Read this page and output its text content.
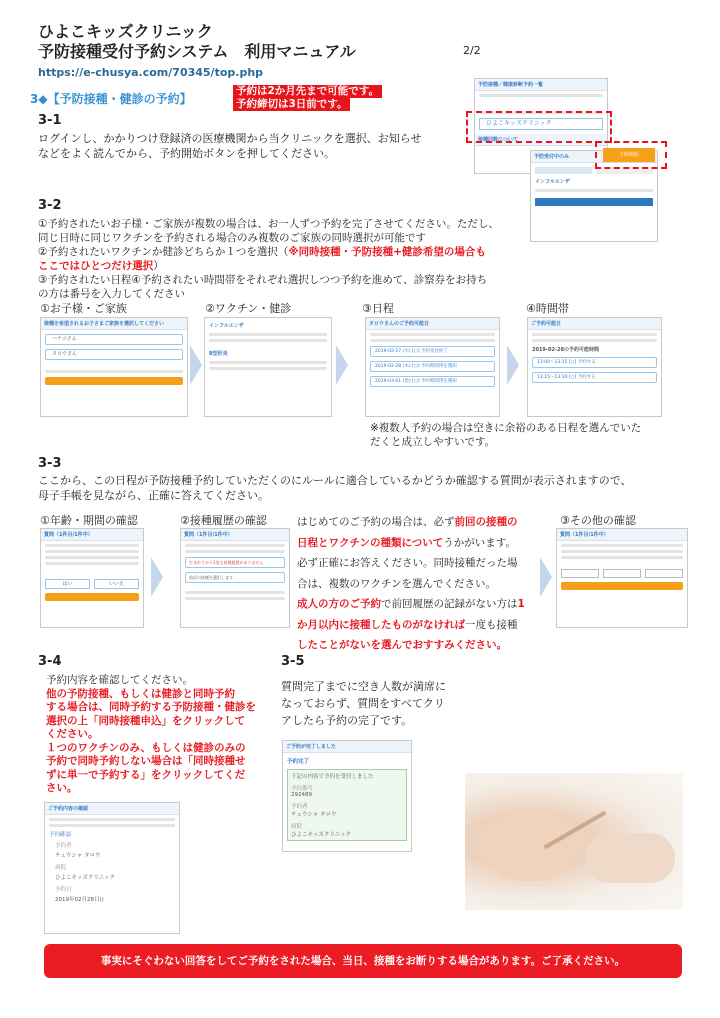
ひよこキッズクリニック
予防接種受付予約システム　利用マニュアル	2/2
https://e-chusya.com/70345/top.php
3◆【予防接種・健診の予約】
予約は2か月先まで可能です。
予約締切は3日前です。
3-1
ログインし、かかりつけ登録済の医療機関から当クリニックを選択、お知らせ
などをよく読んでから、予約開始ボタンを押してください。
予防接種／健康診断予約一覧
ひよこキッズクリニック
接種回数について
予防受付中のみ
インフルエンザ
予約開始
3-2
①予約されたいお子様・ご家族が複数の場合は、お一人ずつ予約を完了させてください。ただし、
同じ日時に同じワクチンを予約される場合のみ複数のご家族の同時選択が可能です
②予約されたいワクチンか健診どちらか１つを選択（※同時接種・予防接種+健診希望の場合も
ここではひとつだけ選択）
③予約されたい日程④予約されたい時間帯をそれぞれ選択しつつ予約を進めて、診察券をお持ち
の方は番号を入力してください
①お子様・ご家族	②ワクチン・健診	③日程	④時間帯
接種を希望されるお子さまご家族を選択してください
ハナコさん
タロウさん
インフルエンザ
B型肝炎
タロウさんのご予約可能日
2019-02-27 (水) [○] 予約受付終了
2019-02-28 (木) [○] 予約時間帯を選択
2019-03-01 (金) [○] 予約時間帯を選択
ご予約可能日
2019-02-28の予約可能時間
13:00〜13:15 [○] 予約する
13:15〜13:30 [○] 予約する
※複数人予約の場合は空きに余裕のある日程を選んでいた
だくと成立しやすいです。
3-3
ここから、この日程が予防接種予約していただくのにルールに適合しているかどうか確認する質問が表示されますので、
母子手帳を見ながら、正確に答えてください。
①年齢・期間の確認	②接種履歴の確認	③その他の確認
質問（1件目/1件中）
はい	いいえ
質問（1件目/1件中）
生まれてから1度も接種履歴がありません
前回の接種を選択します
はじめてのご予約の場合は、必ず前回の接種の
日程とワクチンの種類についてうかがいます。
必ず正確にお答えください。同時接種だった場
合は、複数のワクチンを選んでください。
成人の方のご予約で前回履歴の記録がない方は1
か月以内に接種したものがなければ一度も接種
したことがないを選んでおすすみください。
質問（1件目/1件中）
3-4
予約内容を確認してください。
他の予防接種、もしくは健診と同時予約
する場合は、同時予約する予防接種・健診を
選択の上「同時接種申込」をクリックして
ください。
１つのワクチンのみ、もしくは健診のみの
予約で同時予約しない場合は「同時接種せ
ずに単一で予約する」をクリックしてくだ
さい。
ご予約内容の確認
予約確認
予約者
チュウシャ タロウ
病院
ひよこキッズクリニック
予約日
2019年02月28日()
3-5
質問完了までに空き人数が満席に
なっておらず、質問をすべてクリ
アしたら予約の完了です。
ご予約が完了しました
予約完了
下記の内容で予約を受付しました
予約番号
292489
予約者
チュウシャ タロウ
病院
ひよこキッズクリニック
事実にそぐわない回答をしてご予約をされた場合、当日、接種をお断りする場合があります。ご了承ください。
